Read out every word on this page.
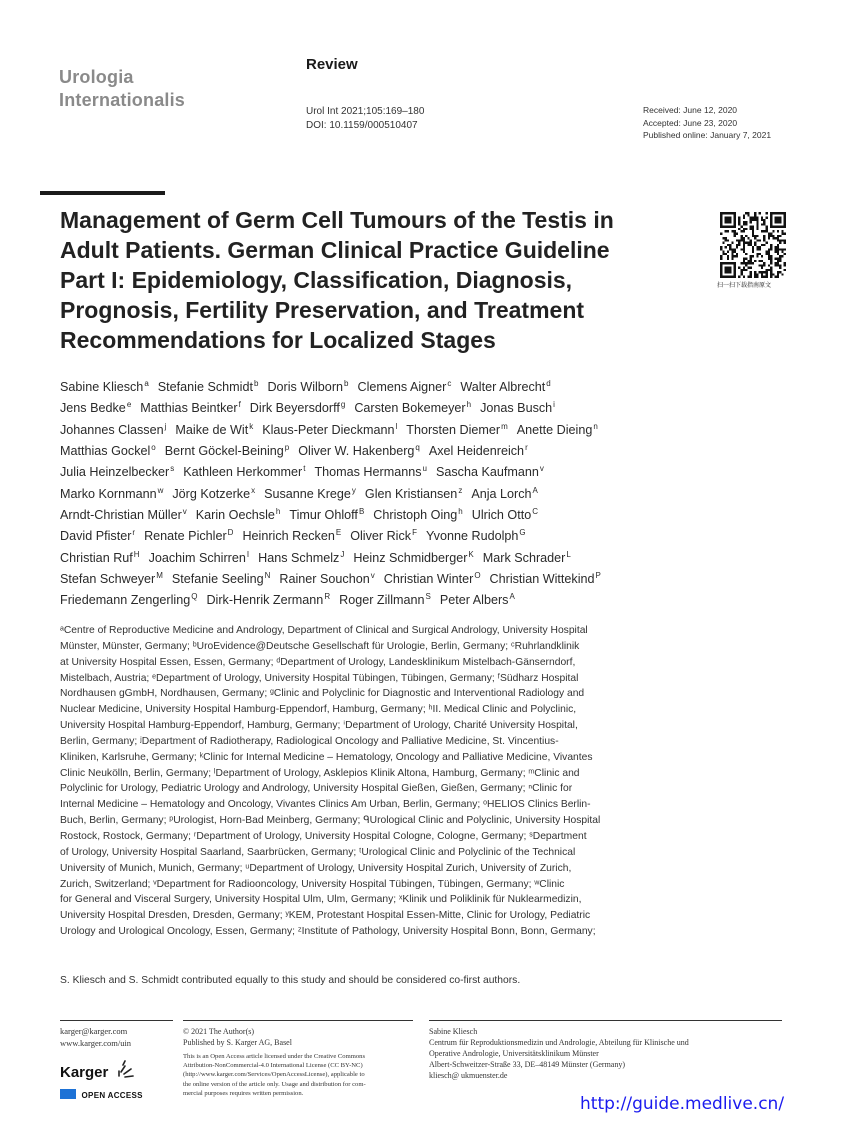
Urologia
Internationalis
Review
Urol Int 2021;105:169–180
DOI: 10.1159/000510407
Received: June 12, 2020
Accepted: June 23, 2020
Published online: January 7, 2021
Management of Germ Cell Tumours of the Testis in
Adult Patients. German Clinical Practice Guideline
Part I: Epidemiology, Classification, Diagnosis,
Prognosis, Fertility Preservation, and Treatment
Recommendations for Localized Stages
扫一扫下载指南原文
Sabine Kliesch$^a$ Stefanie Schmidt$^b$ Doris Wilborn$^b$ Clemens Aigner$^c$ Walter Albrecht$^d$
Jens Bedke$^e$ Matthias Beintker$^f$ Dirk Beyersdorff$^g$ Carsten Bokemeyer$^h$ Jonas Busch$^i$
Johannes Classen$^j$ Maike de Wit$^k$ Klaus-Peter Dieckmann$^l$ Thorsten Diemer$^m$ Anette Dieing$^n$
Matthias Gockel$^o$ Bernt Göckel-Beining$^p$ Oliver W. Hakenberg$^q$ Axel Heidenreich$^r$
Julia Heinzelbecker$^s$ Kathleen Herkommer$^t$ Thomas Hermanns$^u$ Sascha Kaufmann$^v$
Marko Kornmann$^w$ Jörg Kotzerke$^x$ Susanne Krege$^y$ Glen Kristiansen$^z$ Anja Lorch$^A$
Arndt-Christian Müller$^v$ Karin Oechsle$^h$ Timur Ohloff$^B$ Christoph Oing$^h$ Ulrich Otto$^C$
David Pfister$^r$ Renate Pichler$^D$ Heinrich Recken$^E$ Oliver Rick$^F$ Yvonne Rudolph$^G$
Christian Ruf$^H$ Joachim Schirren$^I$ Hans Schmelz$^J$ Heinz Schmidberger$^K$ Mark Schrader$^L$
Stefan Schweyer$^M$ Stefanie Seeling$^N$ Rainer Souchon$^v$ Christian Winter$^O$ Christian Wittekind$^P$
Friedemann Zengerling$^Q$ Dirk-Henrik Zermann$^R$ Roger Zillmann$^S$ Peter Albers$^A$
ᵃCentre of Reproductive Medicine and Andrology, Department of Clinical and Surgical Andrology, University Hospital
Münster, Münster, Germany; ᵇUroEvidence@Deutsche Gesellschaft für Urologie, Berlin, Germany; ᶜRuhrlandklinik
at University Hospital Essen, Essen, Germany; ᵈDepartment of Urology, Landesklinikum Mistelbach-Gänserndorf,
Mistelbach, Austria; ᵉDepartment of Urology, University Hospital Tübingen, Tübingen, Germany; ᶠSüdharz Hospital
Nordhausen gGmbH, Nordhausen, Germany; ᵍClinic and Polyclinic for Diagnostic and Interventional Radiology and
Nuclear Medicine, University Hospital Hamburg-Eppendorf, Hamburg, Germany; ʰII. Medical Clinic and Polyclinic,
University Hospital Hamburg-Eppendorf, Hamburg, Germany; ⁱDepartment of Urology, Charité University Hospital,
Berlin, Germany; ʲDepartment of Radiotherapy, Radiological Oncology and Palliative Medicine, St. Vincentius-
Kliniken, Karlsruhe, Germany; ᵏClinic for Internal Medicine – Hematology, Oncology and Palliative Medicine, Vivantes
Clinic Neukölln, Berlin, Germany; ˡDepartment of Urology, Asklepios Klinik Altona, Hamburg, Germany; ᵐClinic and
Polyclinic for Urology, Pediatric Urology and Andrology, University Hospital Gießen, Gießen, Germany; ⁿClinic for
Internal Medicine – Hematology and Oncology, Vivantes Clinics Am Urban, Berlin, Germany; ᵒHELIOS Clinics Berlin-
Buch, Berlin, Germany; ᵖUrologist, Horn-Bad Meinberg, Germany; ᑫUrological Clinic and Polyclinic, University Hospital
Rostock, Rostock, Germany; ʳDepartment of Urology, University Hospital Cologne, Cologne, Germany; ˢDepartment
of Urology, University Hospital Saarland, Saarbrücken, Germany; ᵗUrological Clinic and Polyclinic of the Technical
University of Munich, Munich, Germany; ᵘDepartment of Urology, University Hospital Zurich, University of Zurich,
Zurich, Switzerland; ᵛDepartment for Radiooncology, University Hospital Tübingen, Tübingen, Germany; ʷClinic
for General and Visceral Surgery, University Hospital Ulm, Ulm, Germany; ˣKlinik und Poliklinik für Nuklearmedizin,
University Hospital Dresden, Dresden, Germany; ʸKEM, Protestant Hospital Essen-Mitte, Clinic for Urology, Pediatric
Urology and Urological Oncology, Essen, Germany; ᶻInstitute of Pathology, University Hospital Bonn, Bonn, Germany;
S. Kliesch and S. Schmidt contributed equally to this study and should be considered co-first authors.
karger@karger.com
www.karger.com/uin
Karger
OPEN ACCESS
© 2021 The Author(s)
Published by S. Karger AG, Basel
This is an Open Access article licensed under the Creative Commons
Attribution-NonCommercial-4.0 International License (CC BY-NC)
(http://www.karger.com/Services/OpenAccessLicense), applicable to
the online version of the article only. Usage and distribution for com-
mercial purposes requires written permission.
Sabine Kliesch
Centrum für Reproduktionsmedizin und Andrologie, Abteilung für Klinische und
Operative Andrologie, Universitätsklinikum Münster
Albert-Schweitzer-Straße 33, DE–48149 Münster (Germany)
kliesch@ ukmuenster.de
http://guide.medlive.cn/
